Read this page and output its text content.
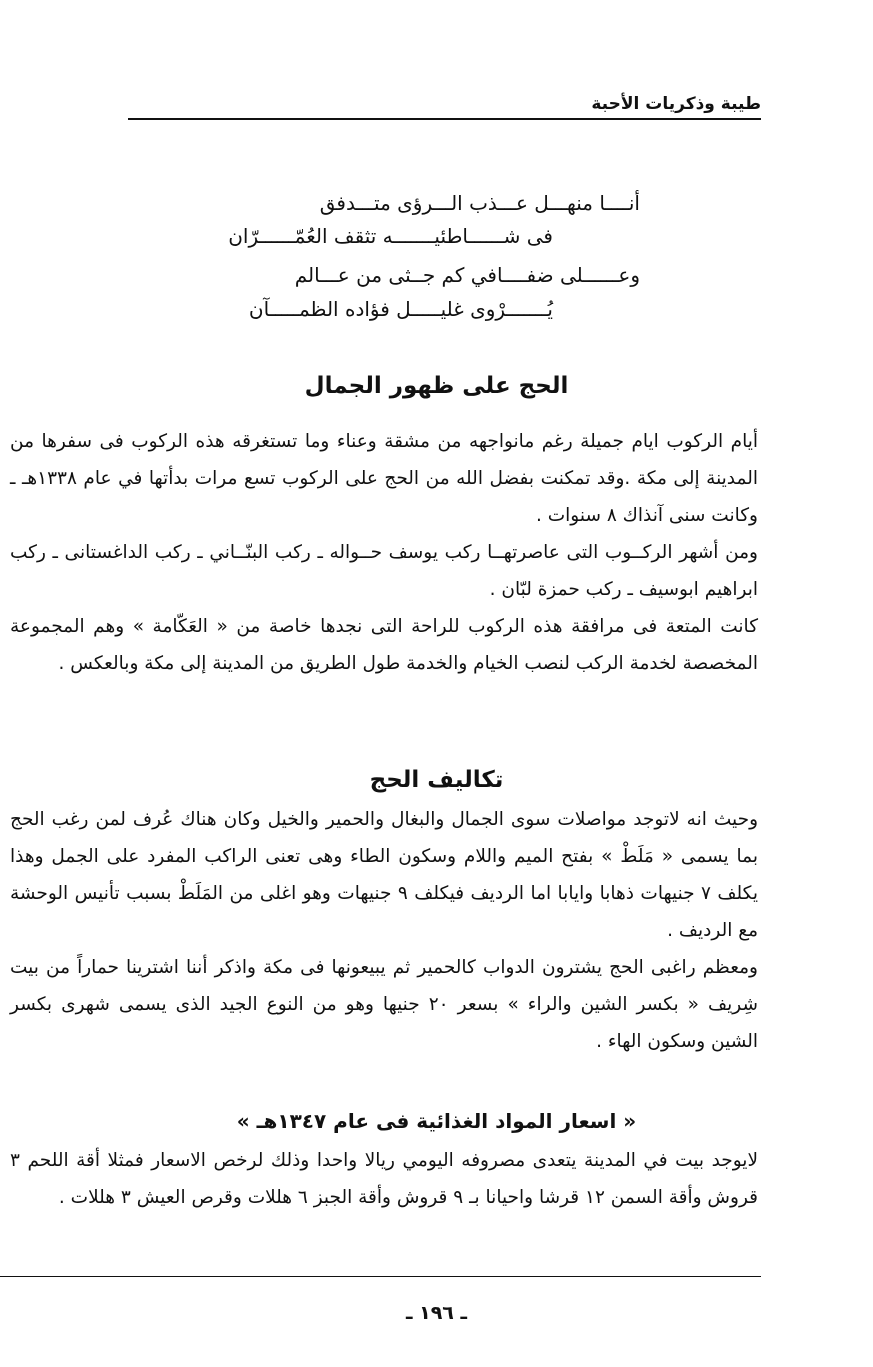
طيبة وذكريات الأحبة
أنــــا منهـــل عـــذب الـــرؤى متـــدفق
فى شــــــاطئيـــــــه تثقف العُمّــــــرّان
وعــــــلى ضفــــافي كم جــثى من عـــالم
يُـــــــرْوى غليـــــل فؤاده الظمـــــآن
الحج على ظهور الجمال

أيام الركوب ايام جميلة رغم مانواجهه من مشقة وعناء وما تستغرقه هذه الركوب فى سفرها من المدينة إلى مكة .وقد تمكنت بفضل الله من الحج على الركوب تسع مرات بدأتها في عام ١٣٣٨هـ ـ وكانت سنى آنذاك ٨ سنوات .

ومن أشهر الركــوب التى عاصرتهــا ركب يوسف حــواله ـ ركب البنّــاني ـ ركب الداغستانى ـ ركب ابراهيم ابوسيف ـ ركب حمزة لبّان .

كانت المتعة فى مرافقة هذه الركوب للراحة التى نجدها خاصة من « العَكّامة » وهم المجموعة المخصصة لخدمة الركب لنصب الخيام والخدمة طول الطريق من المدينة إلى مكة وبالعكس .

تكاليف الحج

وحيث انه لاتوجد مواصلات سوى الجمال والبغال والحمير والخيل وكان هناك عُرف لمن رغب الحج بما يسمى « مَلَطْ » بفتح الميم واللام وسكون الطاء وهى تعنى الراكب المفرد على الجمل وهذا يكلف ٧ جنيهات ذهابا وايابا اما الرديف فيكلف ٩ جنيهات وهو اغلى من المَلَطْ بسبب تأنيس الوحشة مع الرديف .

ومعظم راغبى الحج يشترون الدواب كالحمير ثم يبيعونها فى مكة واذكر أننا اشترينا حماراً من بيت شِريف « بكسر الشين والراء » بسعر ٢٠ جنيها وهو من النوع الجيد الذى يسمى شهرى بكسر الشين وسكون الهاء .

« اسعار المواد الغذائية فى عام ١٣٤٧هـ »

لايوجد بيت في المدينة يتعدى مصروفه اليومي ريالا واحدا وذلك لرخص الاسعار فمثلا أقة اللحم ٣ قروش وأقة السمن ١٢ قرشا واحيانا بـ ٩ قروش وأقة الجبز ٦ هللات وقرص العيش ٣ هللات .

ـ ١٩٦ ـ
